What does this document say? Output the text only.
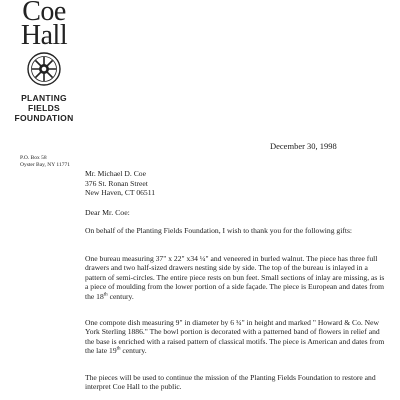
Coe
Hall
PLANTING
FIELDS
FOUNDATION
P.O. Box 58
Oyster Bay, NY 11771
December 30, 1998
Mr. Michael D. Coe
376 St. Ronan Street
New Haven, CT 06511
Dear Mr. Coe:
On behalf of the Planting Fields Foundation, I wish to thank you for the following gifts:
One bureau measuring 37" x 22" x34 ¼" and veneered in burled walnut. The piece has three full drawers and two half-sized drawers nesting side by side. The top of the bureau is inlayed in a pattern of semi-circles. The entire piece rests on bun feet. Small sections of inlay are missing, as is a piece of moulding from the lower portion of a side façade. The piece is European and dates from the 18th century.
One compote dish measuring 9" in diameter by 6 ¾" in height and marked " Howard & Co. New York Sterling 1886." The bowl portion is decorated with a patterned band of flowers in relief and the base is enriched with a raised pattern of classical motifs. The piece is American and dates from the late 19th century.
The pieces will be used to continue the mission of the Planting Fields Foundation to restore and interpret Coe Hall to the public.
